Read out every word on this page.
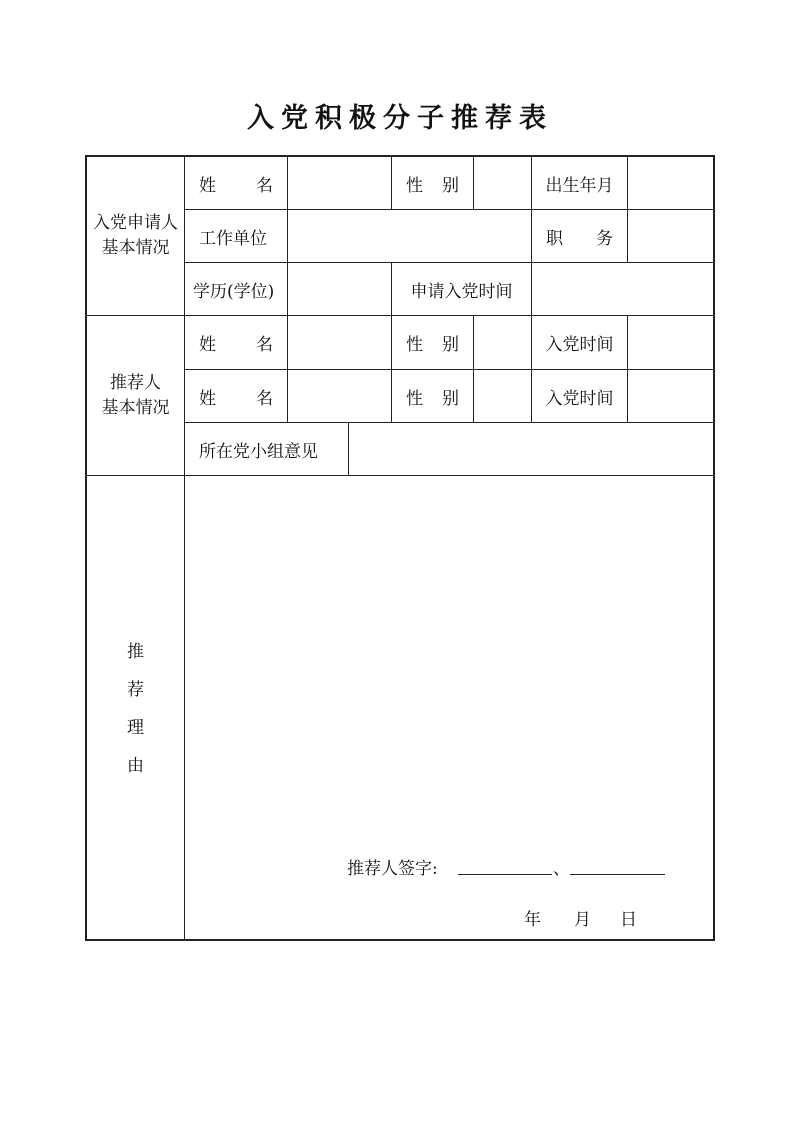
入党积极分子推荐表
入党申请人
基本情况
姓 名	性 别	出生年月
工作单位	职 务
学历(学位)	申请入党时间
推荐人
基本情况
姓 名	性 别	入党时间
姓 名	性 别	入党时间
所在党小组意见
推
荐
理
由
推荐人签字:	、
年 月 日
